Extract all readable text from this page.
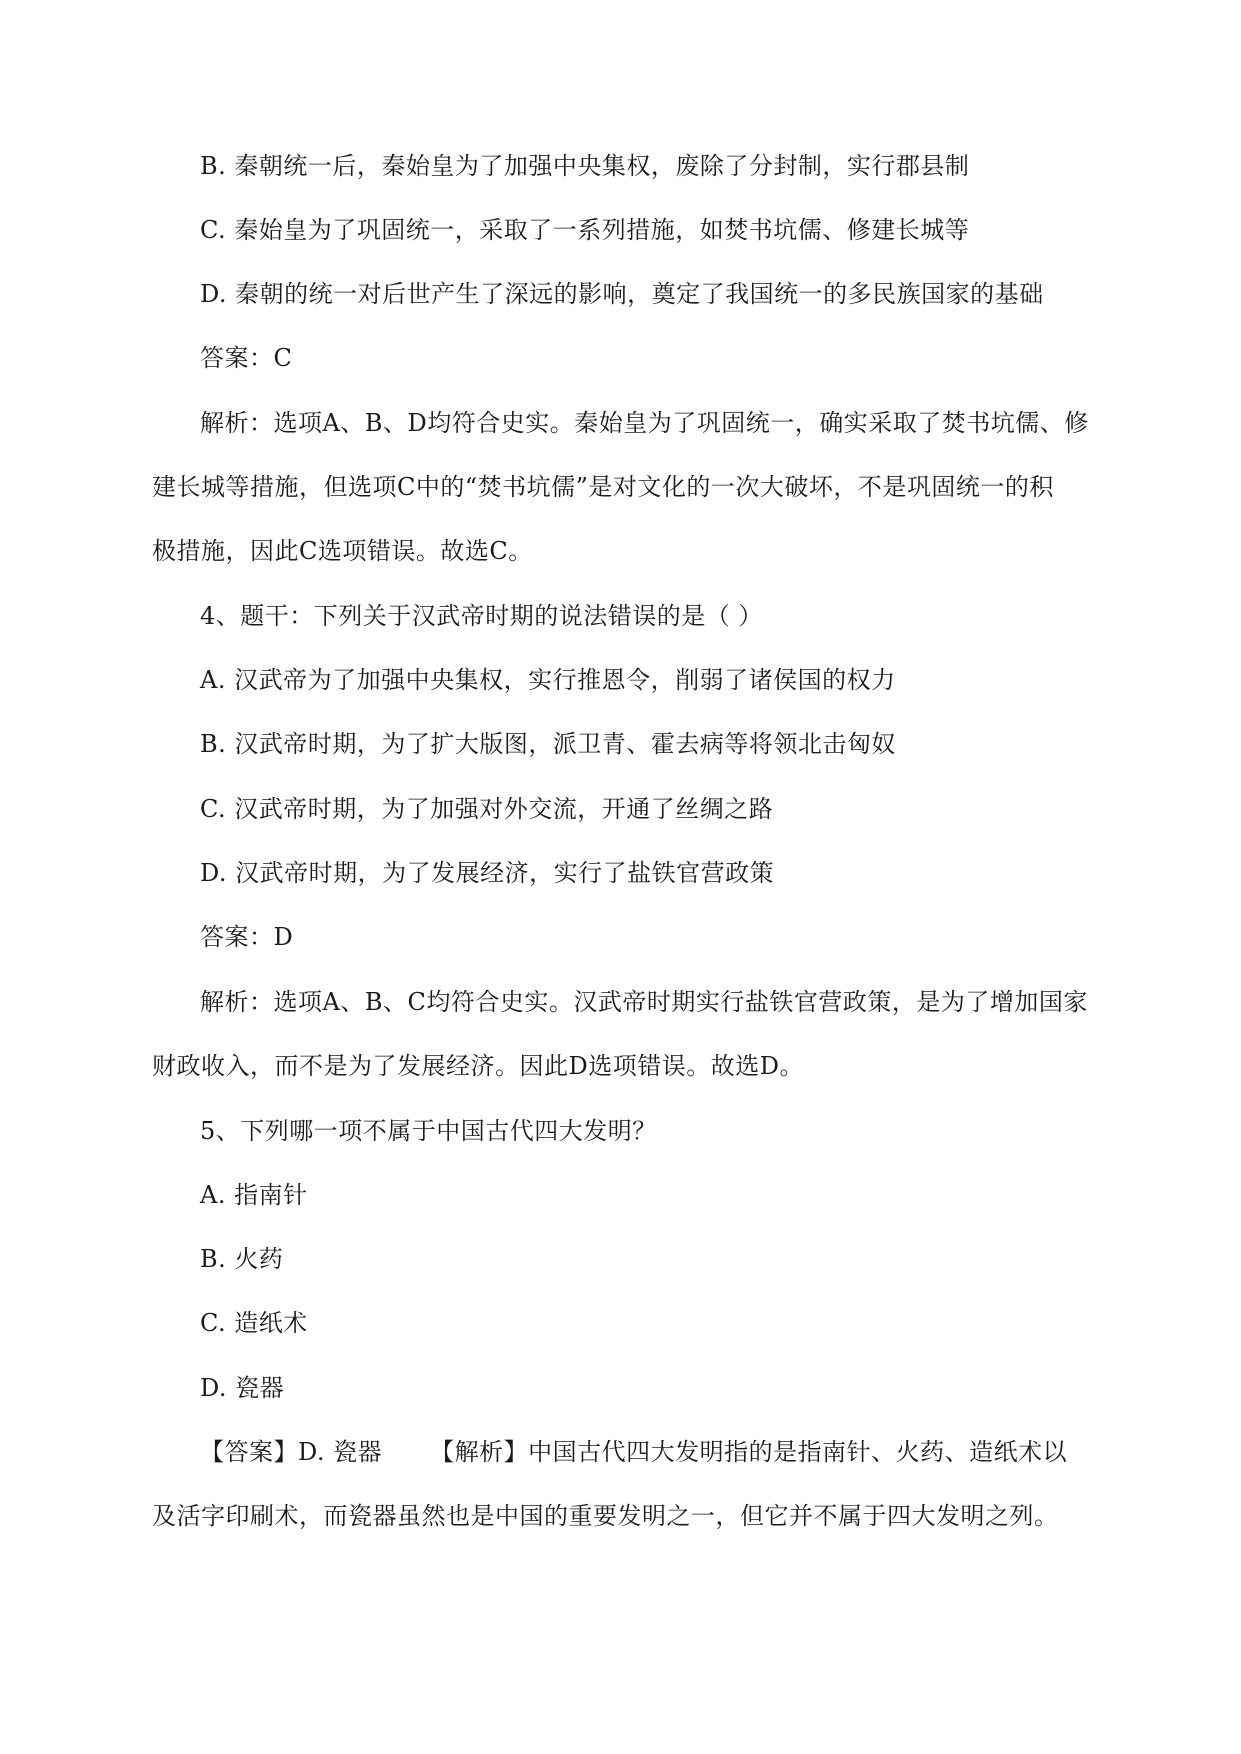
B. 秦朝统一后，秦始皇为了加强中央集权，废除了分封制，实行郡县制
C. 秦始皇为了巩固统一，采取了一系列措施，如焚书坑儒、修建长城等
D. 秦朝的统一对后世产生了深远的影响，奠定了我国统一的多民族国家的基础
答案：C
解析：选项A、B、D均符合史实。秦始皇为了巩固统一，确实采取了焚书坑儒、修
建长城等措施，但选项C中的“焚书坑儒”是对文化的一次大破坏，不是巩固统一的积
极措施，因此C选项错误。故选C。
4、题干：下列关于汉武帝时期的说法错误的是（ ）
A. 汉武帝为了加强中央集权，实行推恩令，削弱了诸侯国的权力
B. 汉武帝时期，为了扩大版图，派卫青、霍去病等将领北击匈奴
C. 汉武帝时期，为了加强对外交流，开通了丝绸之路
D. 汉武帝时期，为了发展经济，实行了盐铁官营政策
答案：D
解析：选项A、B、C均符合史实。汉武帝时期实行盐铁官营政策，是为了增加国家
财政收入，而不是为了发展经济。因此D选项错误。故选D。
5、下列哪一项不属于中国古代四大发明？
A. 指南针
B. 火药
C. 造纸术
D. 瓷器
【答案】D. 瓷器 【解析】中国古代四大发明指的是指南针、火药、造纸术以
及活字印刷术，而瓷器虽然也是中国的重要发明之一，但它并不属于四大发明之列。
